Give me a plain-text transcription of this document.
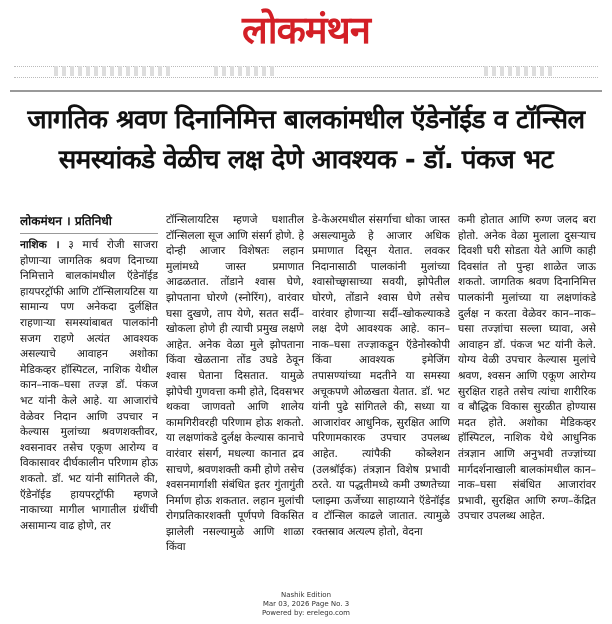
लोकमंथन
जागतिक श्रवण दिनानिमित्त बालकांमधील ऍडेनॉईड व टॉन्सिल
समस्यांकडे वेळीच लक्ष देणे आवश्यक - डॉ. पंकज भट

लोकमंथन । प्रतिनिधी

नाशिक । ३ मार्च रोजी साजरा होणाऱ्या जागतिक श्रवण दिनाच्या निमित्ताने बालकांमधील ऍडेनॉईड हायपरट्रॉफी आणि टॉन्सिलायटिस या सामान्य पण अनेकदा दुर्लक्षित राहणाऱ्या समस्यांबाबत पालकांनी सजग राहणे अत्यंत आवश्यक असल्याचे आवाहन अशोका मेडिकव्हर हॉस्पिटल, नाशिक येथील कान–नाक–घसा तज्ज्ञ डॉ. पंकज भट यांनी केले आहे. या आजारांचे वेळेवर निदान आणि उपचार न केल्यास मुलांच्या श्रवणशक्तीवर, श्वसनावर तसेच एकूण आरोग्य व विकासावर दीर्घकालीन परिणाम होऊ शकतो. डॉ. भट यांनी सांगितले की, ऍडेनॉईड हायपरट्रॉफी म्हणजे नाकाच्या मागील भागातील ग्रंथींची असामान्य वाढ होणे, तर

टॉन्सिलायटिस म्हणजे घशातील टॉन्सिलला सूज आणि संसर्ग होणे. हे दोन्ही आजार विशेषतः लहान मुलांमध्ये जास्त प्रमाणात आढळतात. तोंडाने श्वास घेणे, झोपताना घोरणे (स्नोरिंग), वारंवार घसा दुखणे, ताप येणे, सतत सर्दी–खोकला होणे ही त्याची प्रमुख लक्षणे आहेत. अनेक वेळा मुले झोपताना किंवा खेळताना तोंड उघडे ठेवून श्वास घेताना दिसतात. यामुळे झोपेची गुणवत्ता कमी होते, दिवसभर थकवा जाणवतो आणि शालेय कामगिरीवरही परिणाम होऊ शकतो. या लक्षणांकडे दुर्लक्ष केल्यास कानाचे वारंवार संसर्ग, मधल्या कानात द्रव साचणे, श्रवणशक्ती कमी होणे तसेच श्वसनमार्गाशी संबंधित इतर गुंतागुंती निर्माण होऊ शकतात. लहान मुलांची रोगप्रतिकारशक्ती पूर्णपणे विकसित झालेली नसल्यामुळे आणि शाळा किंवा

डे-केअरमधील संसर्गाचा धोका जास्त असल्यामुळे हे आजार अधिक प्रमाणात दिसून येतात. लवकर निदानासाठी पालकांनी मुलांच्या श्वासोच्छ्वासाच्या सवयी, झोपेतील घोरणे, तोंडाने श्वास घेणे तसेच वारंवार होणाऱ्या सर्दी–खोकल्याकडे लक्ष देणे आवश्यक आहे. कान–नाक–घसा तज्ज्ञाकडून ऍडेनोस्कोपी किंवा आवश्यक इमेजिंग तपासण्यांच्या मदतीने या समस्या अचूकपणे ओळखता येतात. डॉ. भट यांनी पुढे सांगितले की, सध्या या आजारांवर आधुनिक, सुरक्षित आणि परिणामकारक उपचार उपलब्ध आहेत. त्यांपैकी कोब्लेशन (उलश्रॉईक) तंत्रज्ञान विशेष प्रभावी ठरते. या पद्धतीमध्ये कमी उष्णतेच्या प्लाझ्मा ऊर्जेच्या साहाय्याने ऍडेनॉईड व टॉन्सिल काढले जातात. त्यामुळे रक्तस्राव अत्यल्प होतो, वेदना

कमी होतात आणि रुग्ण जलद बरा होतो. अनेक वेळा मुलाला दुसऱ्याच दिवशी घरी सोडता येते आणि काही दिवसांत तो पुन्हा शाळेत जाऊ शकतो. जागतिक श्रवण दिनानिमित्त पालकांनी मुलांच्या या लक्षणांकडे दुर्लक्ष न करता वेळेवर कान–नाक–घसा तज्ज्ञांचा सल्ला घ्यावा, असे आवाहन डॉ. पंकज भट यांनी केले. योग्य वेळी उपचार केल्यास मुलांचे श्रवण, श्वसन आणि एकूण आरोग्य सुरक्षित राहते तसेच त्यांचा शारीरिक व बौद्धिक विकास सुरळीत होण्यास मदत होते. अशोका मेडिकव्हर हॉस्पिटल, नाशिक येथे आधुनिक तंत्रज्ञान आणि अनुभवी तज्ज्ञांच्या मार्गदर्शनाखाली बालकांमधील कान–नाक–घसा संबंधित आजारांवर प्रभावी, सुरक्षित आणि रुग्ण–केंद्रित उपचार उपलब्ध आहेत.

Nashik Edition
Mar 03, 2026 Page No. 3
Powered by: erelego.com
